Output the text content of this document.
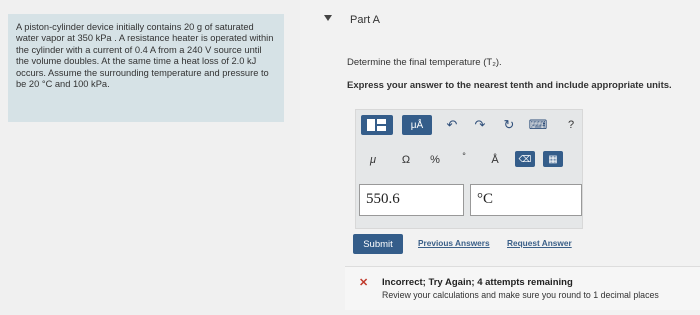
A piston-cylinder device initially contains 20 g of saturated water vapor at 350 kPa . A resistance heater is operated within the cylinder with a current of 0.4 A from a 240 V source until the volume doubles. At the same time a heat loss of 2.0 kJ occurs. Assume the surrounding temperature and pressure to be 20 °C and 100 kPa.
Part A
Determine the final temperature (T₂).
Express your answer to the nearest tenth and include appropriate units.
μÅ	↶ ↷ ↻ ⌨	?
μ	Ω	%	°	Å	⌫	▦
550.6	°C
Submit	Previous Answers Request Answer
✕ Incorrect; Try Again; 4 attempts remaining
Review your calculations and make sure you round to 1 decimal places
